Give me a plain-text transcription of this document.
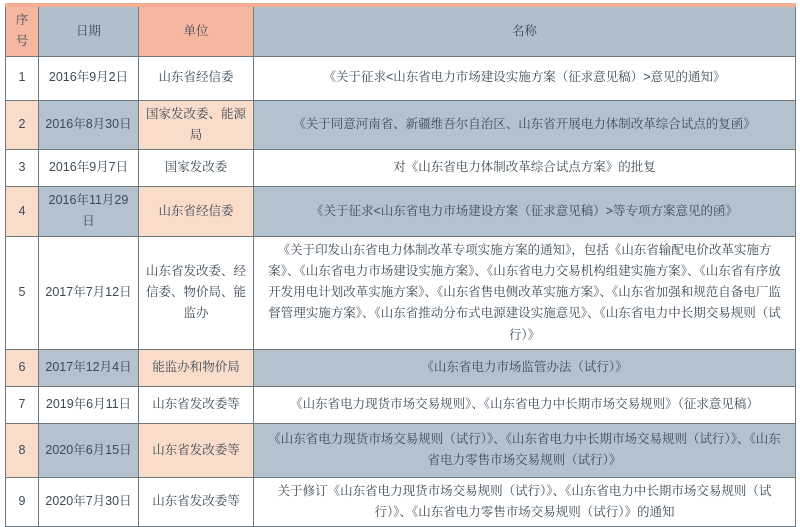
序号	日期	单位	名称
1	2016年9月2日	山东省经信委	《关于征求<山东省电力市场建设实施方案（征求意见稿）>意见的通知》
2	2016年8月30日	国家发改委、能源局	《关于同意河南省、新疆维吾尔自治区、山东省开展电力体制改革综合试点的复函》
3	2016年9月7日	国家发改委	对《山东省电力体制改革综合试点方案》的批复
4	2016年11月29日	山东省经信委	《关于征求<山东省电力市场建设方案（征求意见稿）>等专项方案意见的函》
5	2017年7月12日	山东省发改委、经信委、物价局、能监办	《关于印发山东省电力体制改革专项实施方案的通知》，包括《山东省输配电价改革实施方案》、《山东省电力市场建设实施方案》、《山东省电力交易机构组建实施方案》、《山东省有序放开发用电计划改革实施方案》、《山东省售电侧改革实施方案》、《山东省加强和规范自备电厂监督管理实施方案》、《山东省推动分布式电源建设实施意见》、《山东省电力中长期交易规则（试行）》
6	2017年12月4日	能监办和物价局	《山东省电力市场监管办法（试行）》
7	2019年6月11日	山东省发改委等	《山东省电力现货市场交易规则》、《山东省电力中长期市场交易规则》（征求意见稿）
8	2020年6月15日	山东省发改委等	《山东省电力现货市场交易规则（试行）》、《山东省电力中长期市场交易规则（试行）》、《山东省电力零售市场交易规则（试行）》
9	2020年7月30日	山东省发改委等	关于修订《山东省电力现货市场交易规则（试行）》、《山东省电力中长期市场交易规则（试行）》、《山东省电力零售市场交易规则（试行）》的通知
